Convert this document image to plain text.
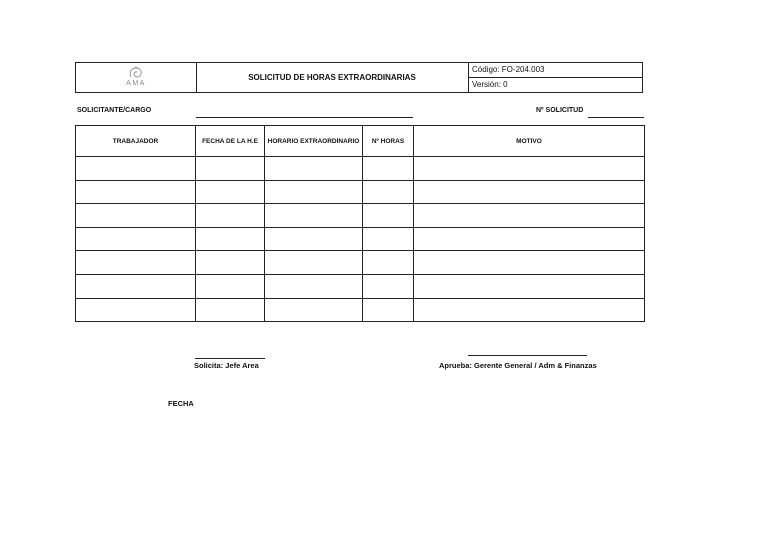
AMA
SOLICITUD DE HORAS EXTRAORDINARIAS
Código: FO-204.003
Versión: 0
SOLICITANTE/CARGO	Nº SOLICITUD
TRABAJADOR	FECHA DE LA H.E	HORARIO EXTRAORDINARIO	Nº HORAS	MOTIVO

Solicita: Jefe Area	Aprueba: Gerente General / Adm & Finanzas
FECHA
